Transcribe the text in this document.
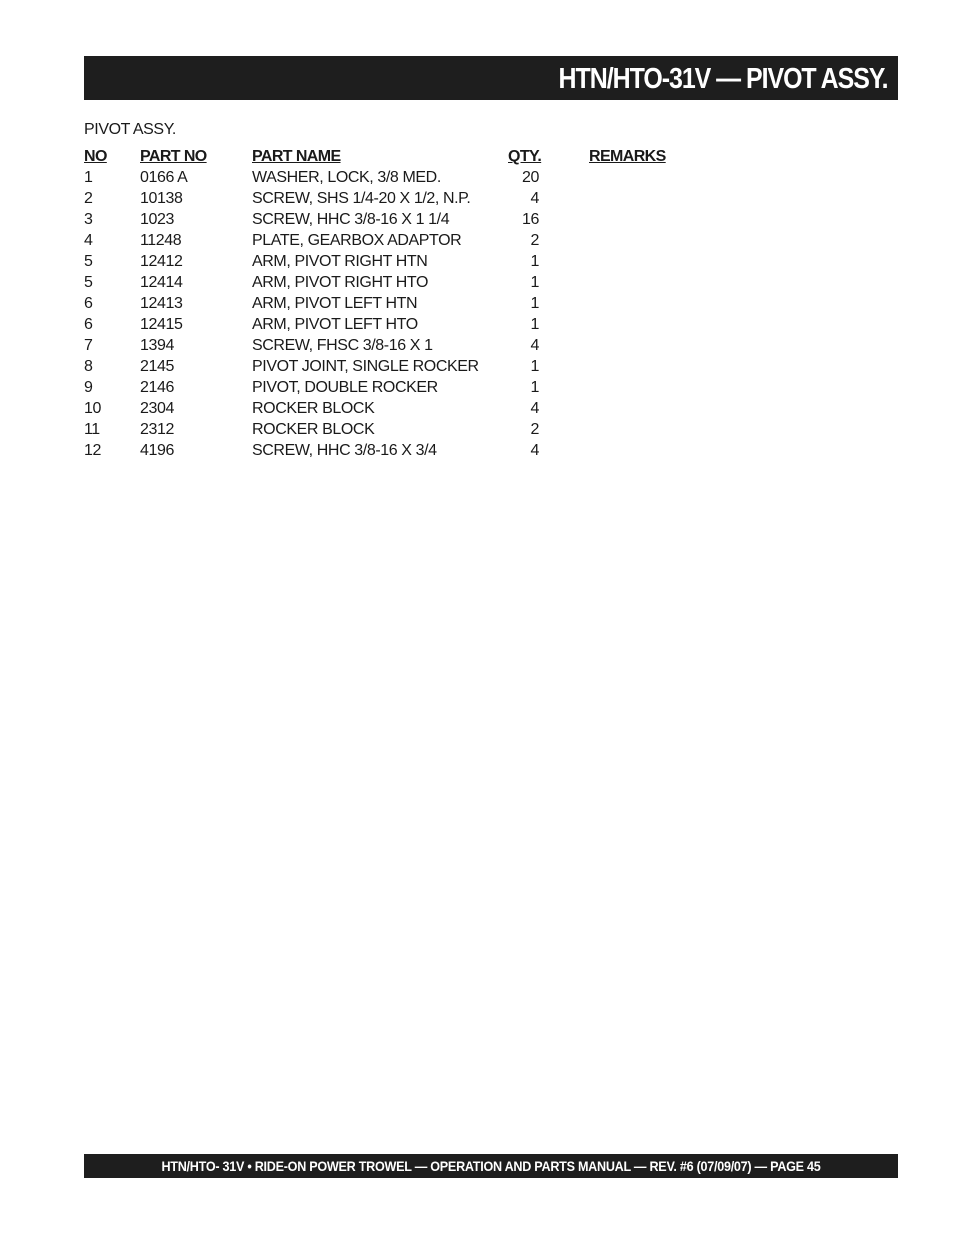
HTN/HTO-31V — PIVOT ASSY.
PIVOT ASSY.
NO PART NO	PART NAME	QTY.	REMARKS
1	0166 A	WASHER, LOCK, 3/8 MED.	20
2	10138	SCREW, SHS 1/4-20 X 1/2, N.P.	4
3	1023	SCREW, HHC 3/8-16 X 1 1/4	16
4	11248	PLATE, GEARBOX ADAPTOR	2
5	12412	ARM, PIVOT RIGHT HTN	1
5	12414	ARM, PIVOT RIGHT HTO	1
6	12413	ARM, PIVOT LEFT HTN	1
6	12415	ARM, PIVOT LEFT HTO	1
7	1394	SCREW, FHSC 3/8-16 X 1	4
8	2145	PIVOT JOINT, SINGLE ROCKER	1
9	2146	PIVOT, DOUBLE ROCKER	1
10 2304	ROCKER BLOCK	4
11	2312	ROCKER BLOCK	2
12 4196	SCREW, HHC 3/8-16 X 3/4	4
HTN/HTO- 31V • RIDE-ON POWER TROWEL — OPERATION AND PARTS MANUAL — REV. #6 (07/09/07) — PAGE 45
